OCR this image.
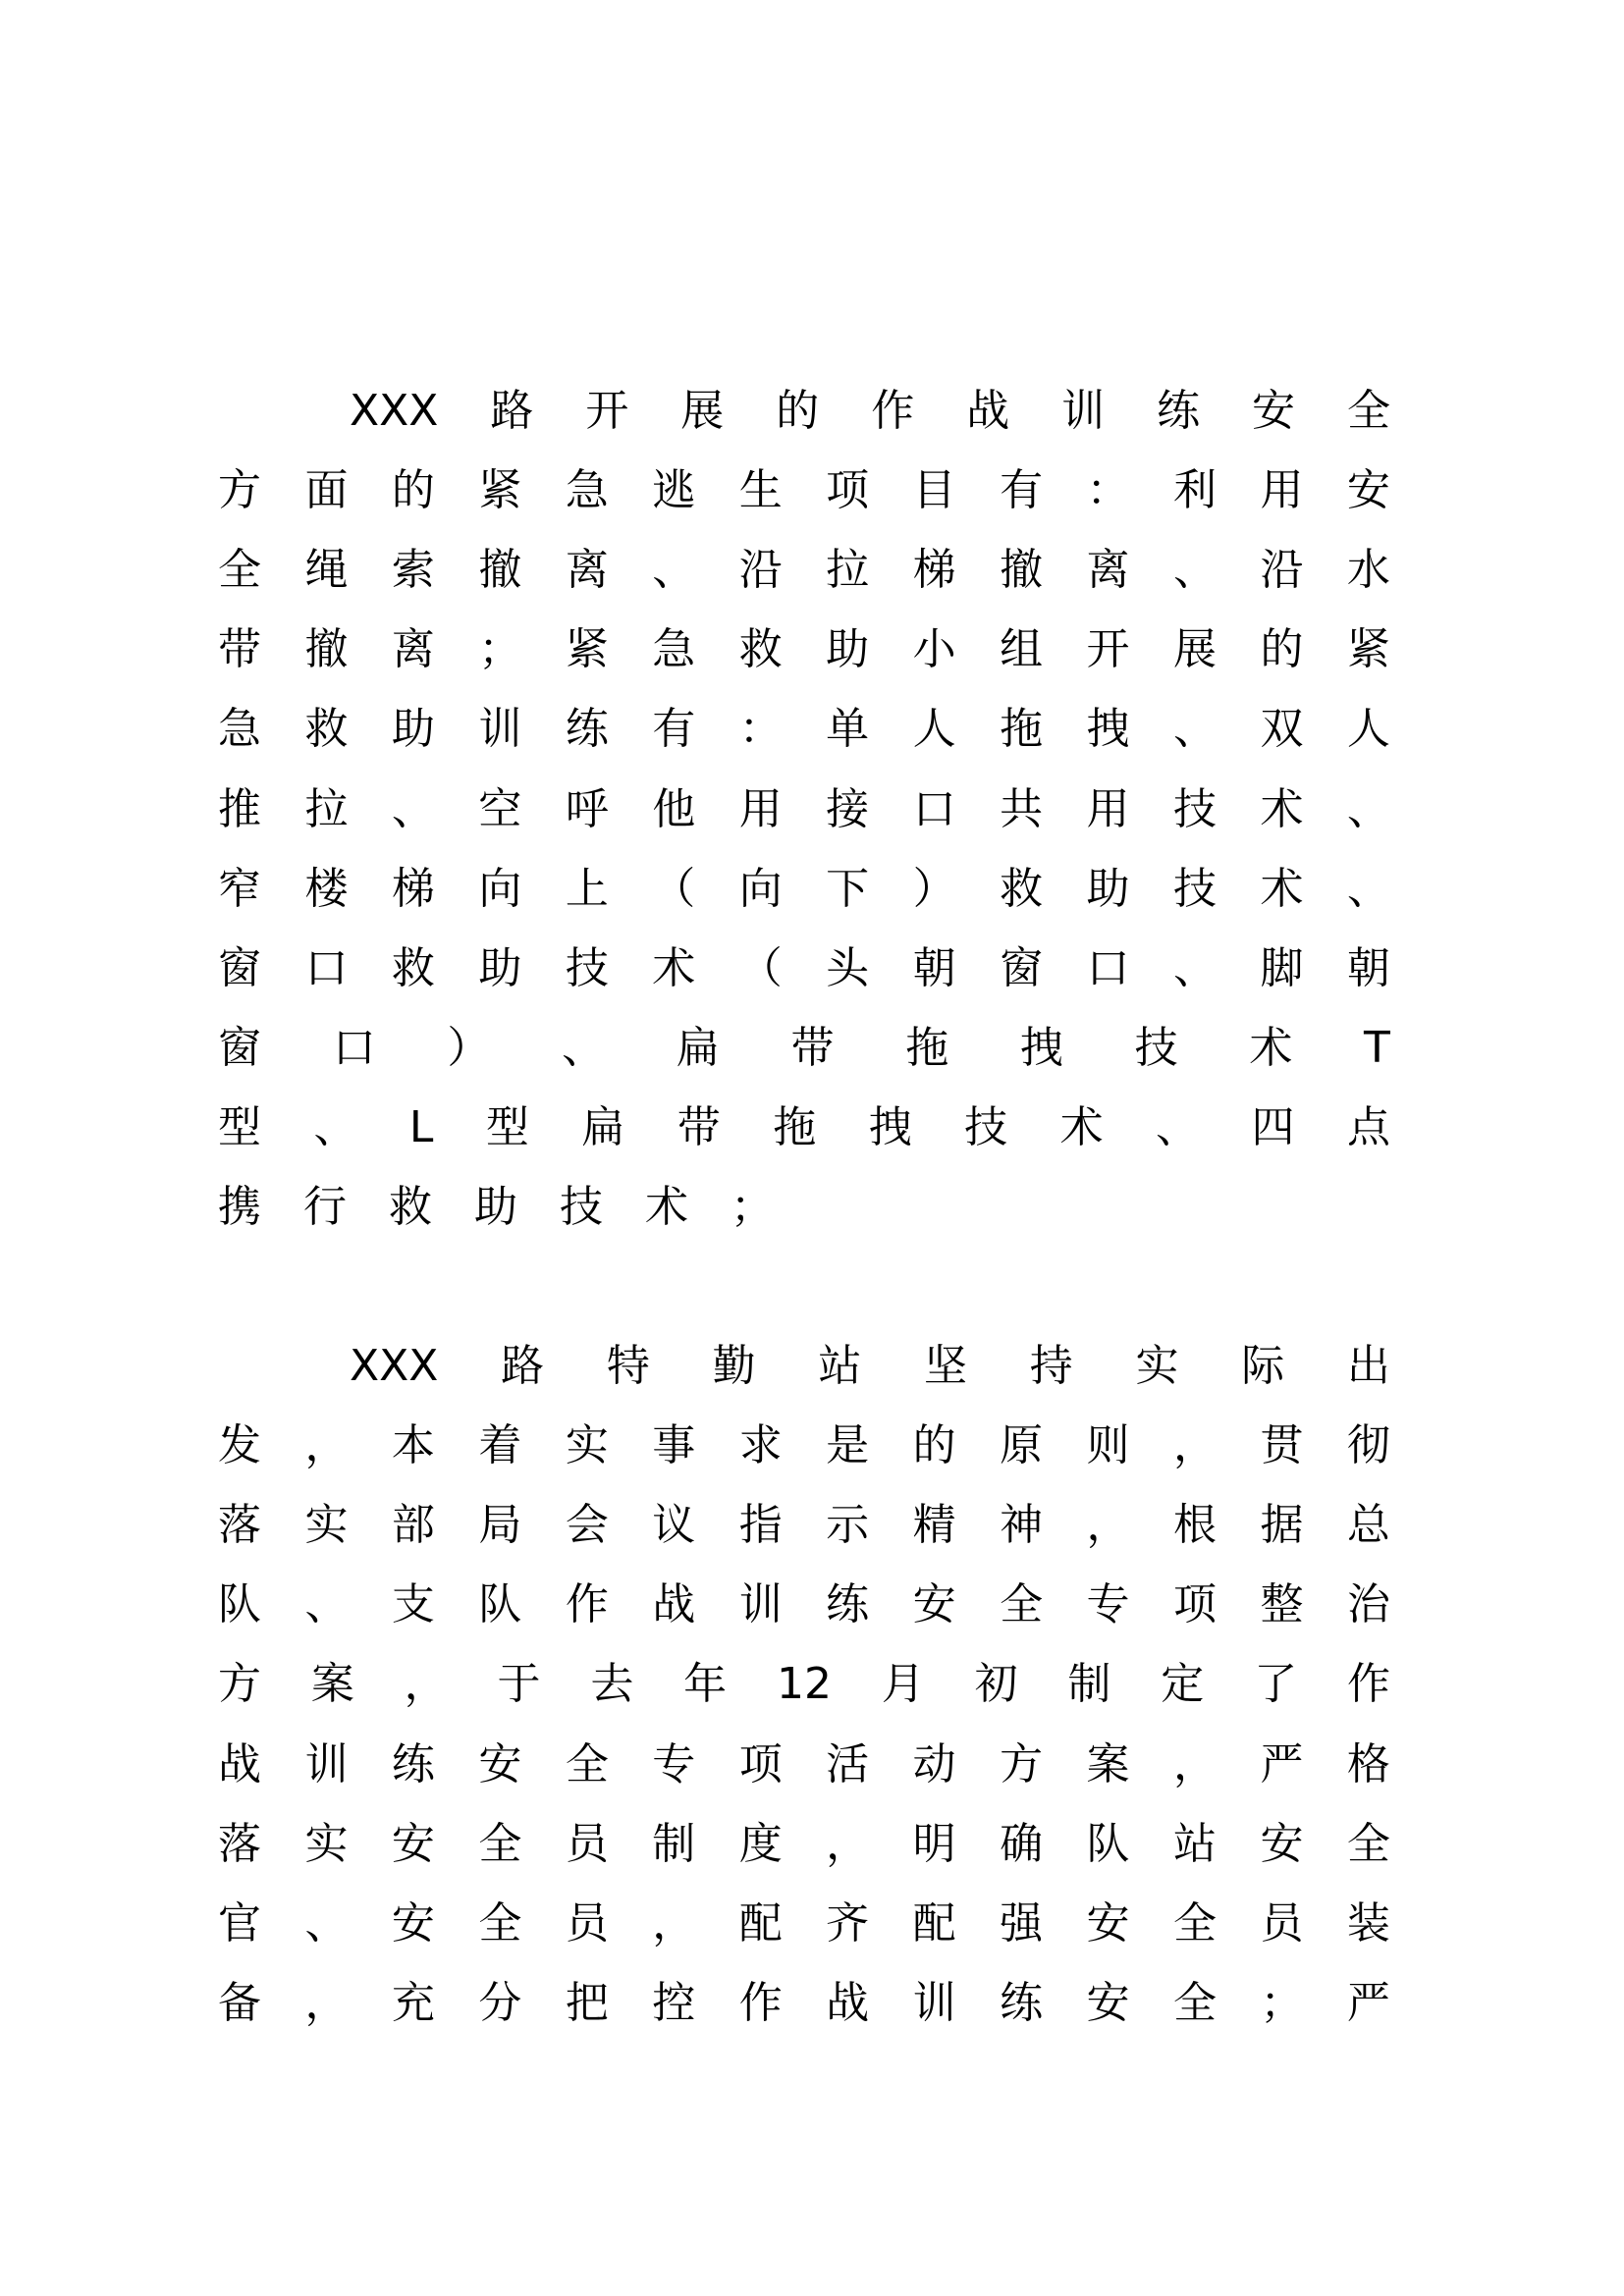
XXX 路 开 展 的 作 战 训 练 安 全
方 面 的 紧 急 逃 生 项 目 有 ： 利 用 安
全 绳 索 撤 离 、 沿 拉 梯 撤 离 、 沿 水
带 撤 离 ； 紧 急 救 助 小 组 开 展 的 紧
急 救 助 训 练 有 ： 单 人 拖 拽 、 双 人
推 拉 、 空 呼 他 用 接 口 共 用 技 术 、
窄 楼 梯 向 上 （ 向 下 ） 救 助 技 术 、
窗 口 救 助 技 术 （ 头 朝 窗 口 、 脚 朝
窗 口 ） 、 扁 带 拖 拽 技 术 T
型 、 L 型 扁 带 拖 拽 技 术 、 四 点
携 行 救 助 技 术 ；
XXX 路 特 勤 站 坚 持 实 际 出
发 ， 本 着 实 事 求 是 的 原 则 ， 贯 彻
落 实 部 局 会 议 指 示 精 神 ， 根 据 总
队 、 支 队 作 战 训 练 安 全 专 项 整 治
方 案 ， 于 去 年 12 月 初 制 定 了 作
战 训 练 安 全 专 项 活 动 方 案 ， 严 格
落 实 安 全 员 制 度 ， 明 确 队 站 安 全
官 、 安 全 员 ， 配 齐 配 强 安 全 员 装
备 ， 充 分 把 控 作 战 训 练 安 全 ； 严
